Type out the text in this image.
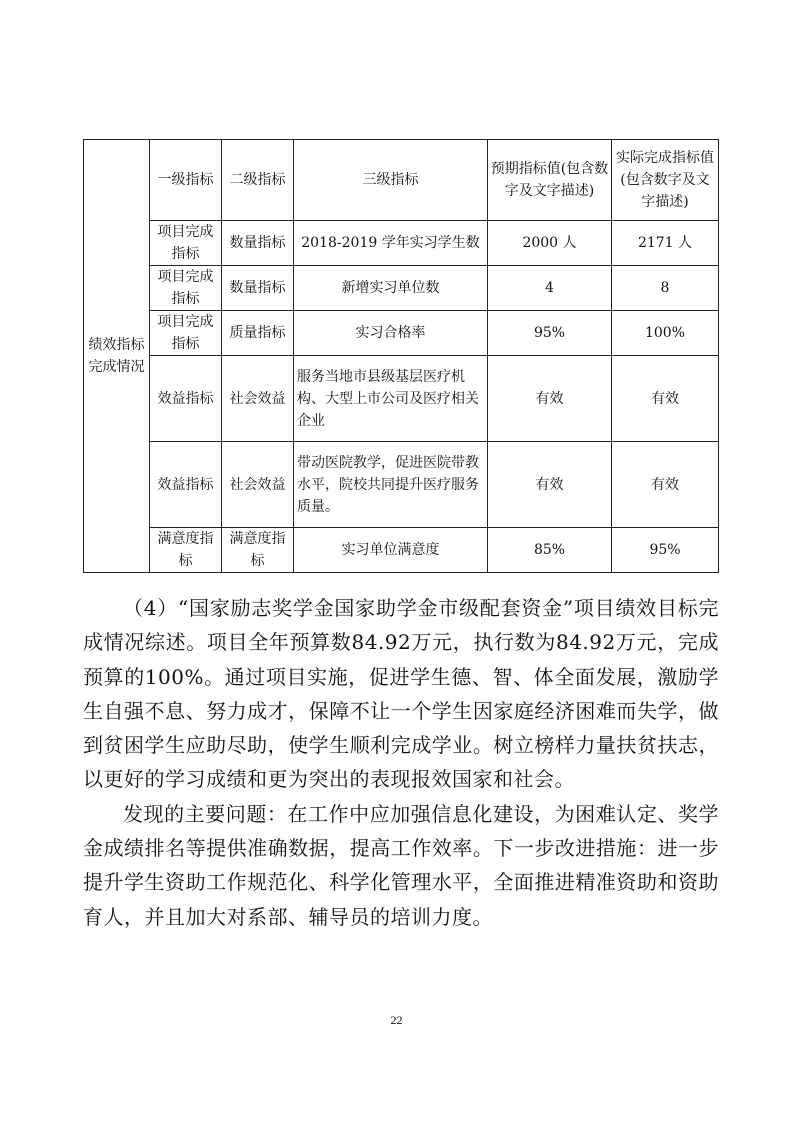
绩效指标完成情况	一级指标	二级指标	三级指标	预期指标值(包含数字及文字描述)	实际完成指标值(包含数字及文字描述)
	项目完成指标	数量指标	2018-2019 学年实习学生数	2000 人	2171 人
	项目完成指标	数量指标	新增实习单位数	4	8
	项目完成指标	质量指标	实习合格率	95%	100%
	效益指标	社会效益	服务当地市县级基层医疗机构、大型上市公司及医疗相关企业	有效	有效
	效益指标	社会效益	带动医院教学，促进医院带教水平，院校共同提升医疗服务质量。	有效	有效
	满意度指标	满意度指标	实习单位满意度	85%	95%

（4）“国家励志奖学金国家助学金市级配套资金”项目绩效目标完成情况综述。项目全年预算数84.92万元，执行数为84.92万元，完成预算的100%。通过项目实施，促进学生德、智、体全面发展，激励学生自强不息、努力成才，保障不让一个学生因家庭经济困难而失学，做到贫困学生应助尽助，使学生顺利完成学业。树立榜样力量扶贫扶志，以更好的学习成绩和更为突出的表现报效国家和社会。

发现的主要问题：在工作中应加强信息化建设，为困难认定、奖学金成绩排名等提供准确数据，提高工作效率。下一步改进措施：进一步提升学生资助工作规范化、科学化管理水平，全面推进精准资助和资助育人，并且加大对系部、辅导员的培训力度。

22
